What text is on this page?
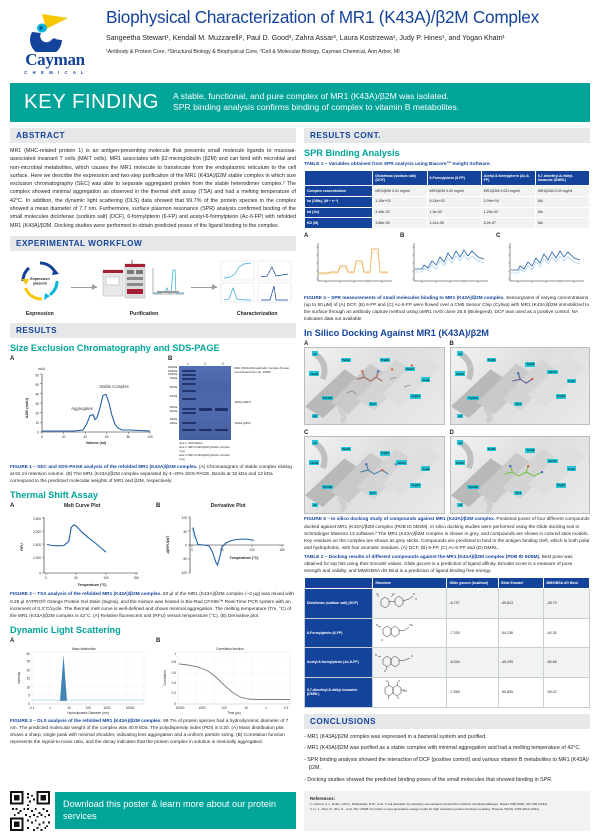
Cayman
C H E M I C A L
Biophysical Characterization of MR1 (K43A)/β2M Complex
Sangeetha Stewart¹, Kendall M. Muzzarelli², Paul D. Good³, Zahra Assar², Laura Kostrzewa¹, Judy P. Hines¹, and Yogan Khatri¹
¹Antibody & Protein Core, ²Structural Biology & Biophysical Core, ³Cell & Molecular Biology, Cayman Chemical, Ann Arbor, MI
KEY FINDING A stable, functional, and pure complex of MR1 (K43A)/β2M was isolated.
SPR binding analysis confirms binding of complex to vitamin B metabolites.
ABSTRACT
MR1 (MHC-related protein 1) is an antigen-presenting molecule that presents small molecule ligands to mucosal-associated invariant T cells (MAIT cells). MR1 associates with β2-microglobulin (β2M) and can bind with microbial and non-microbial metabolites, which causes the MR1 molecule to translocate from the endoplasmic reticulum to the cell surface. Here we describe the expression and two-step purification of the MR1 (K43A)/β2M stable complex in which size exclusion chromatography (SEC) was able to separate aggregated protein from the stable heterodimer complex.² The complex showed minimal aggregation as observed in the thermal shift assay (TSA) and had a melting temperature of 42°C. In addition, the dynamic light scattering (DLS) data showed that 99.7% of the protein species in the complex showed a mean diameter of 7.7 nm. Furthermore, surface plasmon resonance (SPR) analysis confirmed binding of the small molecules diclofenac (sodium salt) (DCF), 6-formylpterin (6-FP) and acetyl-6-formylpterin (Ac-6-FP) with refolded MR1 (K43A)/β2M. Docking studies were performed to obtain predicted poses of the ligand binding to the complex.
EXPERIMENTAL WORKFLOW
Expression
plasmid
Expression	Purification	Characterization
RESULTS
Size Exclusion Chromatography and SDS-PAGE
A
mAU
0
10
20
30
40
50
60
0	20	40	60	80	100
Volume (ml)
A280 (mAU)	Aggregates
Stable Complex
B
250kDa
150kDa
100kDa
75kDa
50kDa
37kDa
25kDa
20kDa
15kDa
10kDa
1	2	3
lane 1: SDS Marker
lane 2: MR1 (K43A)/β2M globulin complex 1 µg
lane 3: MR1 (K43A)/β2M globulin complex 2 µg
MR1 (K43A)-Microglobulin Complex (human, recombinant) Item No. 39955
32kDa (MR1)
12kDa (β2M)
FIGURE 1 – SEC and SDS-PAGE analysis of the refolded MR1 (K43A)/β2M complex. (A) Chromatogram of stable complex eluting at 62 ml retention volume. (B) The MR1 (K43A)/β2M complex separated by 4–20% SDS-PAGE. Bands at 32 kDa and 12 kDa correspond to the predicted molecular weights of MR1 and β2M, respectively.
Thermal Shift Assay
A	Melt Curve Plot
2,500
2,000
1,500
1,000
0
0	50	100	150
Temperature (°C)
RFU
B	Derivative Plot
100
50
0
-50
-100
0	50	100	150
Temperature (°C)
-d(RFU)/dT
FIGURE 2 – TSA analysis of the refolded MR1 (K43A)/β2M complex. 50 µl of the MR1 (K43A)/β2M complex (~3 µg) was mixed with 0.25 µl SYPRO® Orange Protein Gel Stain (Sigma), and the mixture was heated in Bio-Rad CFX96™ Real-Time PCR system with an increment of 0.3°C/cycle. The thermal melt curve is well-defined and shows minimal aggregation. The melting temperature (Tm, °C) of the MR1 (K43A)/β2M complex is 42°C. (A) Relative fluorescent unit (RFU) versus temperature (°C). (B) Derivative plot.
Dynamic Light Scattering
A
Mass distribution
0
5
10
15
20
25
30
0.1	1	10	100	1000	10000
Hydrodynamic Diameter (nm)
Intensity
B
Correlation function
0
0.2
0.4
0.6
0.8
1
10000	1000	100	10	1	0.1
Time (µs)
Correlation
FIGURE 3 – DLS analysis of the refolded MR1 (K43A)/β2M complex. 99.7% of protein species had a hydrodynamic diameter of 7 nm. The predicted molecular weight of the complex was 40.9 kDa. The polydispersity index (PDI) is 0.20. (A) Mass distribution plot shows a sharp, single peak with minimal shoulder, indicating less aggregation and a uniform particle sizing. (B) Correlation function represents the signal-to-noise ratio, and the decay indicates that the protein complex in solution is minimally aggregated.
RESULTS CONT.
SPR Binding Analysis
TABLE 1 – Variables obtained from SPR analysis using Biacore™ Insight Software.
	Diclofenac (sodium salt) (DCF)	6-Formylpterin (6-FP)	Acetyl-6-formylpterin (Ac-6-FP)	6,7-dimethyl-8-ribityl-lumazine (DMRL)
Complex concentration	MR1/β2M 0.01 mg/ml	MR1/β2M 0.02 mg/ml	MR1/β2M 0.021 mg/ml	MR1/β2M 0.02 mg/ml
ka (1/Ms), (M⁻¹ s⁻¹)	1.15e+03	8.31e+03	2.09e+04	NA
kd (1/s)	4.48e-02	1.3e-02	1.29e-02	NA
KD (M)	3.86e-05	1.41e-06	6.2e-07	NA
A	B	C
FIGURE 4 – SPR measurements of small molecules binding to MR1 (K43A)/β2M complex. Sensorgrams of varying concentrations (up to 50 µM) of (A) DCF, (B) 6-FP and (C) Ac-6-FP were flowed over a CM5 Sensor Chip (Cytiva) with MR1 (K43A)/β2M immobilized to the surface through an antibody capture method using αMR1 mAb clone 26.5 (Biolegend). DCF was used as a positive control. NA indicates data not available.
In Silico Docking Against MR1 (K43A)/β2M
A
α1
Tyr62	Trp69
Ser24
His58
Arg9
Trp156
Tyr7
Arg94
α2
B
α1
Tyr62
Trp69
Ser24
His58
Arg9
Trp156
Tyr7
Arg94
α2
C
α1
Tyr62
Trp69
Ser24
His58
Arg9
Trp156
Tyr7
Arg94
α2
D
α1
Tyr62	Trp69
Ser24
His58
Arg9
Trp156
Tyr7
Arg94
α2
FIGURE 5 – In silico docking study of compounds against MR1 (K43A)/β2M complex. Predicted poses of four different compounds docked against MR1 (K43A)/β2M complex (PDB ID 5D5M). In silico docking studies were performed using the Glide docking tool in Schrödinger Maestro 13 software.² The MR1 (K43A)/β2M complex is shown in grey, and compounds are shown in colored stick models. Key residues on the complex are shown as grey sticks. Compounds are predicted to bind in the antigen binding cleft, which is both polar and hydrophobic, with four aromatic residues. (A) DCF, (B) 6-FP, (C) Ac-6-FP and (D) DMRL.
TABLE 2 – Docking results of different compounds against the MR1 (K43A)/β2M complex (PDB ID 5D5M). Best pose was obtained for top hits using their Emodel values. Glide gscore is a prediction of ligand affinity, Emodel score is a measure of pose strength and validity, and MM/GBSA dG Bind is a prediction of ligand binding free energy.
	Structure	Glide gscore (kcal/mol)	Glide Emodel	MM/GBSA dG Bind
Diclofenac (sodium salt) (DCF)	Cl Cl O
O	-6.737	-59.813	-28.79
6-Formylpterin (6-FP)	N OH
O	-7.239	-54.236	-40.30
Acetyl-6-formylpterin (Ac-6-FP)	N O
O	-6.049	-45.299	-50.68
6,7-dimethyl-8-ribityl-lumazine (DMRL)	N O
OH	-7.569	-59.895	-59.42
CONCLUSIONS
- MR1 (K43A)/β2M complex was expressed in a bacterial system and purified.
- MR1 (K43A)/β2M was purified as a stable complex with minimal aggregation and had a melting temperature of 42°C.
- SPR binding analysis showed the interaction of DCF (positive control) and various vitamin B metabolites to MR1 (K43A)/β2M.
- Docking studies showed the predicted binding poses of the small molecules that showed binding in SPR.
Download this poster & learn more about our protein services
References:
1. Corbett, A.J., Eckle, S.B.G., Birkinshaw, R.W., et al. T-cell activation by transitory neo-antigens derived from distinct microbial pathways. Nature 509(7500), 361-365 (2014).
2. Li, J., Abel, R., Zhu, K., et al. The VSGB 2.0 model: A next generation energy model for high resolution protein structure modeling. Proteins 79(10), 2794-2812 (2011).
